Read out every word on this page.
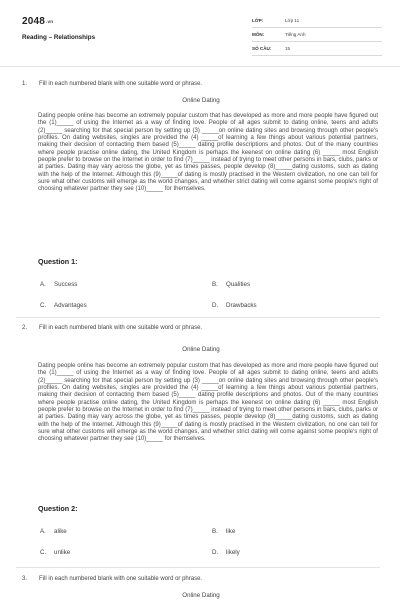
2048.vn
Reading – Relationships
LỚP:	Lớp 11
MÔN:	Tiếng Anh
SỐ CÂU:	15
1. Fill in each numbered blank with one suitable word or phrase.
Online Dating
Dating people online has become an extremely popular custom that has developed as more and more people have figured out the (1)_____ of using the Internet as a way of finding love. People of all ages submit to dating online, teens and adults (2)_____ searching for that special person by setting up (3) _____on online dating sites and browsing through other people's profiles. On dating websites, singles are provided the (4) _____of learning a few things about various potential partners, making their decision of contacting them based (5)_____ dating profile descriptions and photos. Out of the many countries where people practise online dating, the United Kingdom is perhaps the keenest on online dating (6) _____ most English people prefer to browse on the Internet in order to find (7)_____ instead of trying to meet other persons in bars, clubs, parks or at parties. Dating may vary across the globe, yet as times passes, people develop (8)_____dating customs, such as dating with the help of the Internet. Although this (9)_____of dating is mostly practised in the Western civilization, no one can tell for sure what other customs will emerge as the world changes, and whether strict dating will come against some people's right of choosing whatever partner they see (10)_____ for themselves.
Question 1:
A. Success	B. Qualities
C. Advantages	D. Drawbacks
2. Fill in each numbered blank with one suitable word or phrase.
Online Dating
Dating people online has become an extremely popular custom that has developed as more and more people have figured out the (1)_____ of using the Internet as a way of finding love. People of all ages submit to dating online, teens and adults (2)_____ searching for that special person by setting up (3) _____on online dating sites and browsing through other people's profiles. On dating websites, singles are provided the (4) _____of learning a few things about various potential partners, making their decision of contacting them based (5)_____ dating profile descriptions and photos. Out of the many countries where people practise online dating, the United Kingdom is perhaps the keenest on online dating (6) _____ most English people prefer to browse on the Internet in order to find (7)_____ instead of trying to meet other persons in bars, clubs, parks or at parties. Dating may vary across the globe, yet as times passes, people develop (8)_____dating customs, such as dating with the help of the Internet. Although this (9)_____of dating is mostly practised in the Western civilization, no one can tell for sure what other customs will emerge as the world changes, and whether strict dating will come against some people's right of choosing whatever partner they see (10)_____ for themselves.
Question 2:
A. alike	B. like
C. unlike	D. likely
3. Fill in each numbered blank with one suitable word or phrase.
Online Dating
